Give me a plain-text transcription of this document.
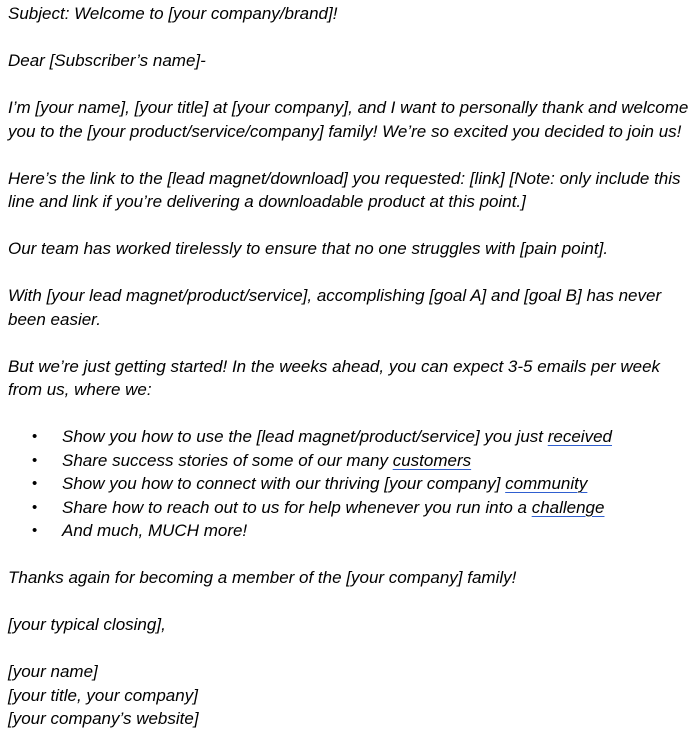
Subject: Welcome to [your company/brand]!

Dear [Subscriber’s name]-

I’m [your name], [your title] at [your company], and I want to personally thank and welcome you to the [your product/service/company] family! We’re so excited you decided to join us!

Here’s the link to the [lead magnet/download] you requested: [link] [Note: only include this line and link if you’re delivering a downloadable product at this point.]

Our team has worked tirelessly to ensure that no one struggles with [pain point].

With [your lead magnet/product/service], accomplishing [goal A] and [goal B] has never been easier.

But we’re just getting started! In the weeks ahead, you can expect 3-5 emails per week from us, where we:

• Show you how to use the [lead magnet/product/service] you just received
• Share success stories of some of our many customers
• Show you how to connect with our thriving [your company] community
• Share how to reach out to us for help whenever you run into a challenge
• And much, MUCH more!

Thanks again for becoming a member of the [your company] family!

[your typical closing],

[your name]

[your title, your company]

[your company’s website]
